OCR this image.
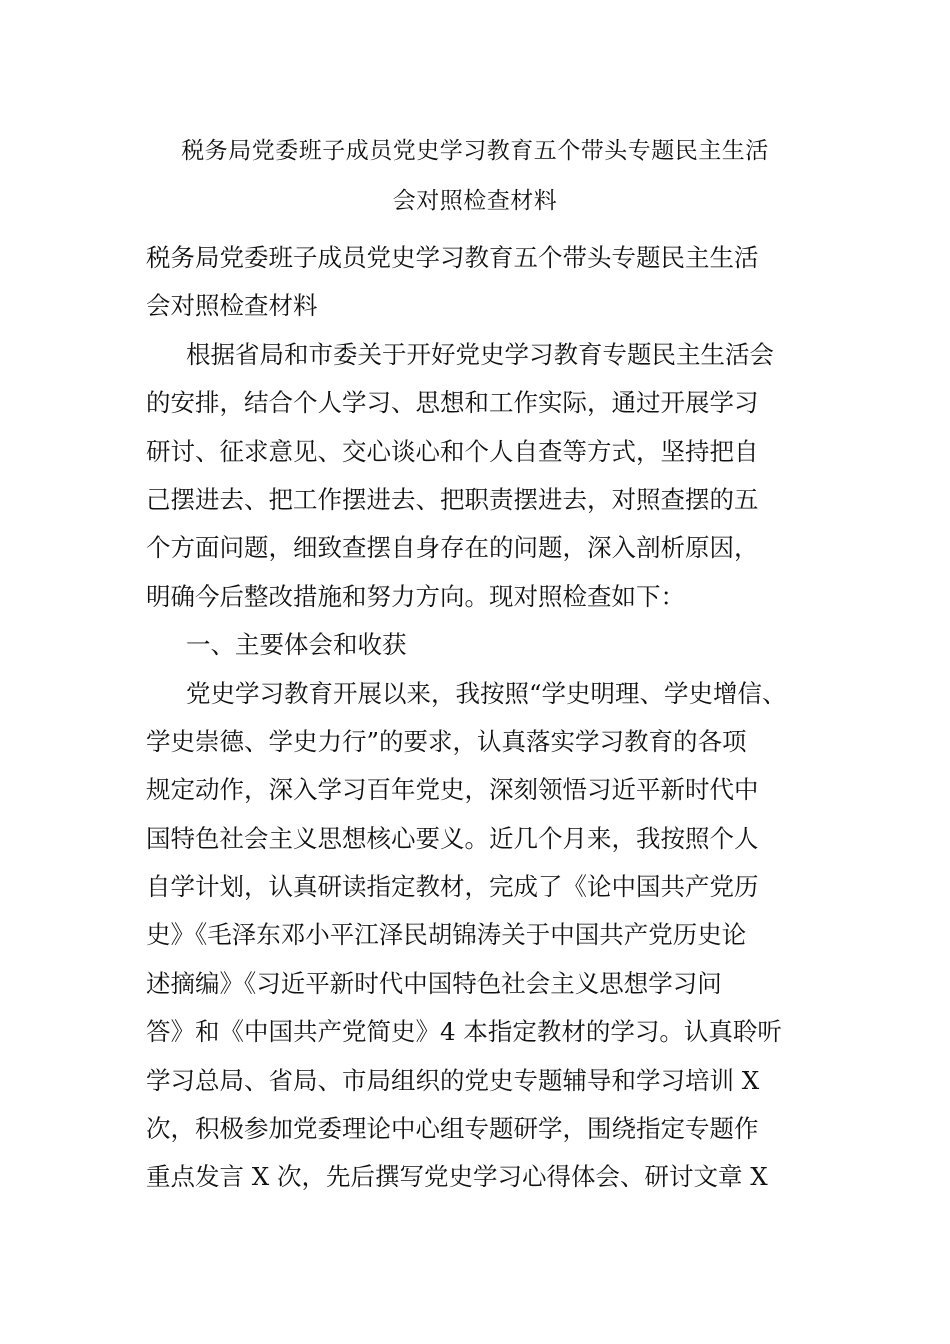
税务局党委班子成员党史学习教育五个带头专题民主生活
会对照检查材料
税务局党委班子成员党史学习教育五个带头专题民主生活
会对照检查材料
根据省局和市委关于开好党史学习教育专题民主生活会
的安排，结合个人学习、思想和工作实际，通过开展学习
研讨、征求意见、交心谈心和个人自查等方式，坚持把自
己摆进去、把工作摆进去、把职责摆进去，对照查摆的五
个方面问题，细致查摆自身存在的问题，深入剖析原因，
明确今后整改措施和努力方向。现对照检查如下：
一、主要体会和收获
党史学习教育开展以来，我按照“学史明理、学史增信、
学史崇德、学史力行”的要求，认真落实学习教育的各项
规定动作，深入学习百年党史，深刻领悟习近平新时代中
国特色社会主义思想核心要义。近几个月来，我按照个人
自学计划，认真研读指定教材，完成了《论中国共产党历
史》《毛泽东邓小平江泽民胡锦涛关于中国共产党历史论
述摘编》《习近平新时代中国特色社会主义思想学习问
答》和《中国共产党简史》4 本指定教材的学习。认真聆听
学习总局、省局、市局组织的党史专题辅导和学习培训 X
次，积极参加党委理论中心组专题研学，围绕指定专题作
重点发言 X 次，先后撰写党史学习心得体会、研讨文章 X
